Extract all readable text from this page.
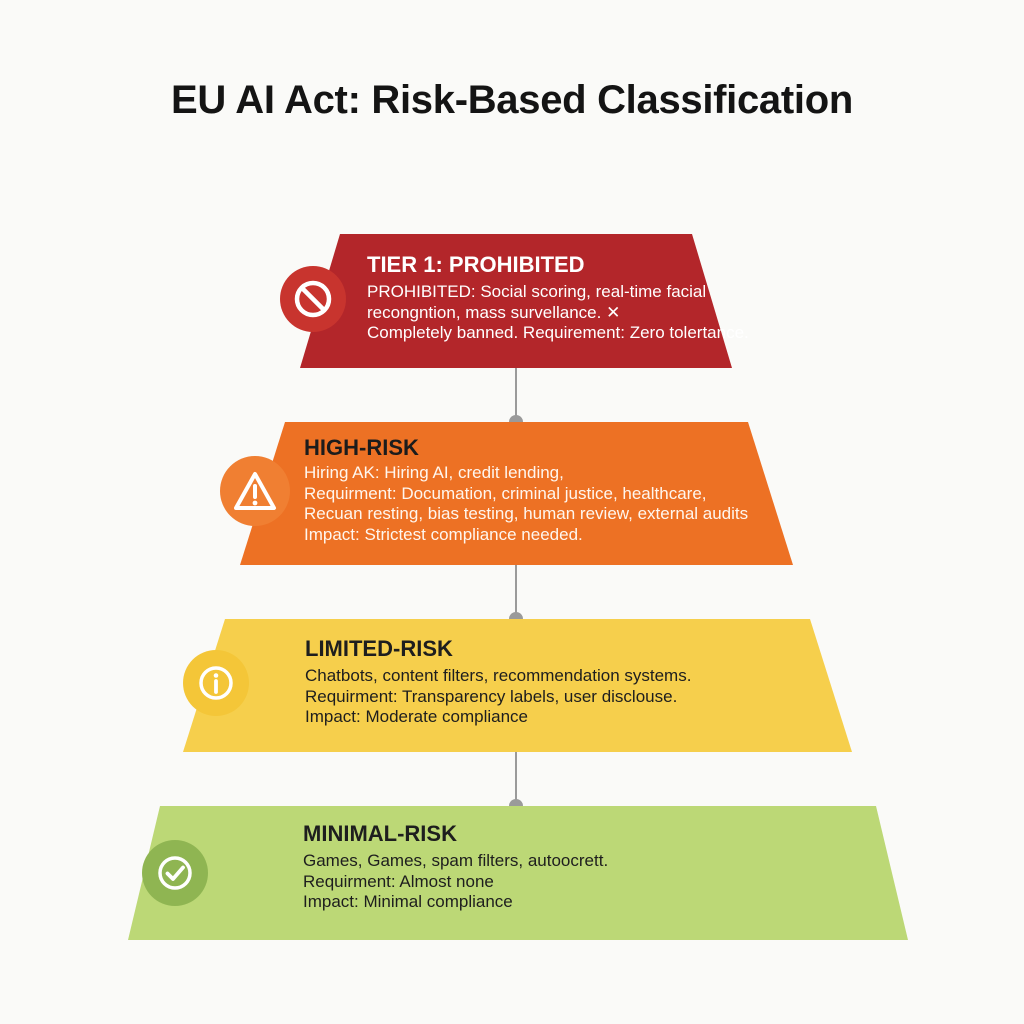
EU AI Act: Risk-Based Classification
TIER 1: PROHIBITED
PROHIBITED: Social scoring, real-time facial
recongntion, mass survellance. ✕
Completely banned. Requirement: Zero tolertance.
HIGH-RISK
Hiring AK: Hiring AI, credit lending,
Requirment: Documation, criminal justice, healthcare,
Recuan resting, bias testing, human review, external audits
Impact: Strictest compliance needed.
LIMITED-RISK
Chatbots, content filters, recommendation systems.
Requirment: Transparency labels, user disclouse.
Impact: Moderate compliance
MINIMAL-RISK
Games, Games, spam filters, autoocrett.
Requirment: Almost none
Impact: Minimal compliance
